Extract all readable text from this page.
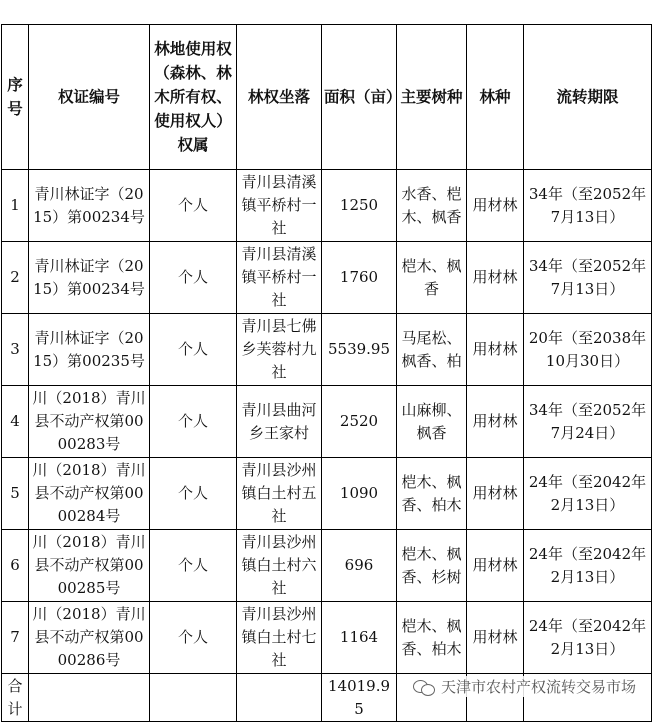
序号	权证编号	林地使用权（森林、林木所有权、使用权人）权属	林权坐落	面积（亩）	主要树种	林种	流转期限
1	青川林证字（2015）第00234号	个人	青川县清溪镇平桥村一社	1250	水香、桤木、枫香	用材林	34年（至2052年7月13日）
2	青川林证字（2015）第00234号	个人	青川县清溪镇平桥村一社	1760	桤木、枫香	用材林	34年（至2052年7月13日）
3	青川林证字（2015）第00235号	个人	青川县七佛乡芙蓉村九社	5539.95	马尾松、枫香、柏	用材林	20年（至2038年10月30日）
4	川（2018）青川县不动产权第0000283号	个人	青川县曲河乡王家村	2520	山麻柳、枫香	用材林	34年（至2052年7月24日）
5	川（2018）青川县不动产权第0000284号	个人	青川县沙州镇白土村五社	1090	桤木、枫香、柏木	用材林	24年（至2042年2月13日）
6	川（2018）青川县不动产权第0000285号	个人	青川县沙州镇白土村六社	696	桤木、枫香、杉树	用材林	24年（至2042年2月13日）
7	川（2018）青川县不动产权第0000286号	个人	青川县沙州镇白土村七社	1164	桤木、枫香、柏木	用材林	24年（至2042年2月13日）
合计				14019.95			
天津市农村产权流转交易市场
